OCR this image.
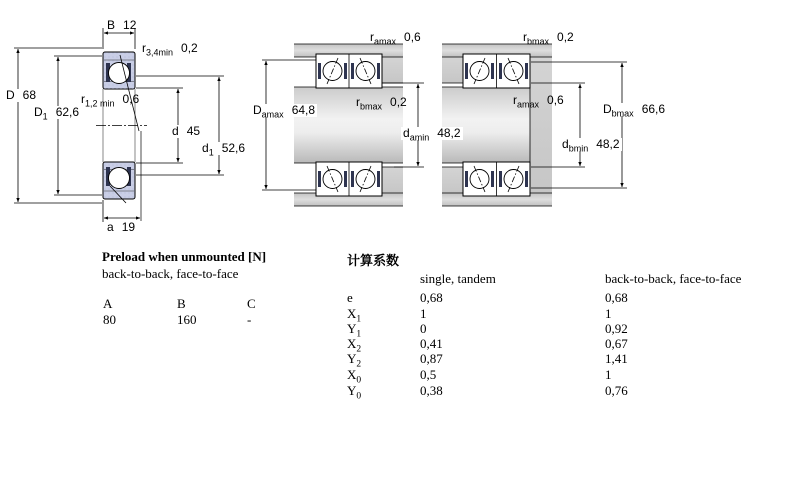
B 12
$r_{3,4min}$ 0,2
D 68
$D_1$ 62,6
$r_{1,2 min}$ 0,6
d 45
$d_1$ 52,6
a 19
$r_{amax}$ 0,6
$r_{bmax}$ 0,2
$D_{amax}$ 64,8
$d_{amin}$ 48,2
$r_{bmax}$ 0,2
$r_{amax}$ 0,6
$D_{bmax}$ 66,6
$d_{bmin}$ 48,2
Preload when unmounted [N]
back-to-back, face-to-face
A	B	C
80	160	-
计算系数
single, tandem	back-to-back, face-to-face
e	0,68	0,68
$X_1$	1	1
$Y_1$	0	0,92
$X_2$	0,41	0,67
$Y_2$	0,87	1,41
$X_0$	0,5	1
$Y_0$	0,38	0,76
